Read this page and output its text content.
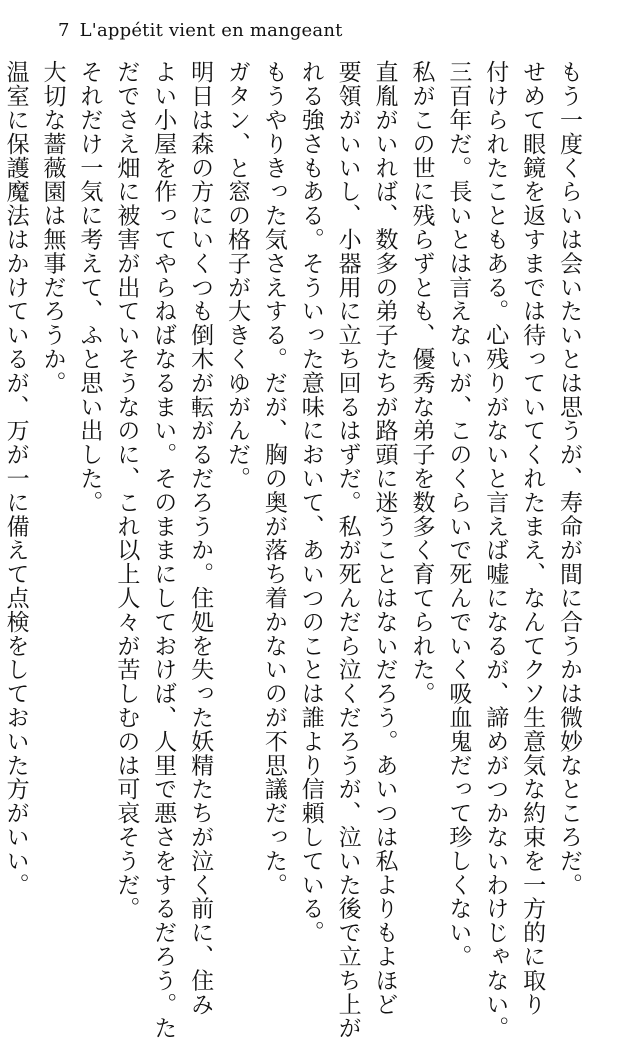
7 L'appétit vient en mangeant
もう一度くらいは会いたいとは思うが、寿命が間に合うかは微妙なところだ。
せめて眼鏡を返すまでは待っていてくれたまえ、なんてクソ生意気な約束を一方的に取り
付けられたこともある。心残りがないと言えば嘘になるが、諦めがつかないわけじゃない。
三百年だ。長いとは言えないが、このくらいで死んでいく吸血鬼だって珍しくない。
私がこの世に残らずとも、優秀な弟子を数多く育てられた。
直胤がいれば、数多の弟子たちが路頭に迷うことはないだろう。あいつは私よりもよほど
要領がいいし、小器用に立ち回るはずだ。私が死んだら泣くだろうが、泣いた後で立ち上が
れる強さもある。そういった意味において、あいつのことは誰より信頼している。
もうやりきった気さえする。だが、胸の奥が落ち着かないのが不思議だった。
ガタン、と窓の格子が大きくゆがんだ。
明日は森の方にいくつも倒木が転がるだろうか。住処を失った妖精たちが泣く前に、住み
よい小屋を作ってやらねばなるまい。そのままにしておけば、人里で悪さをするだろう。た
だでさえ畑に被害が出ていそうなのに、これ以上人々が苦しむのは可哀そうだ。
それだけ一気に考えて、ふと思い出した。
大切な薔薇園は無事だろうか。
温室に保護魔法はかけているが、万が一に備えて点検をしておいた方がいい。
